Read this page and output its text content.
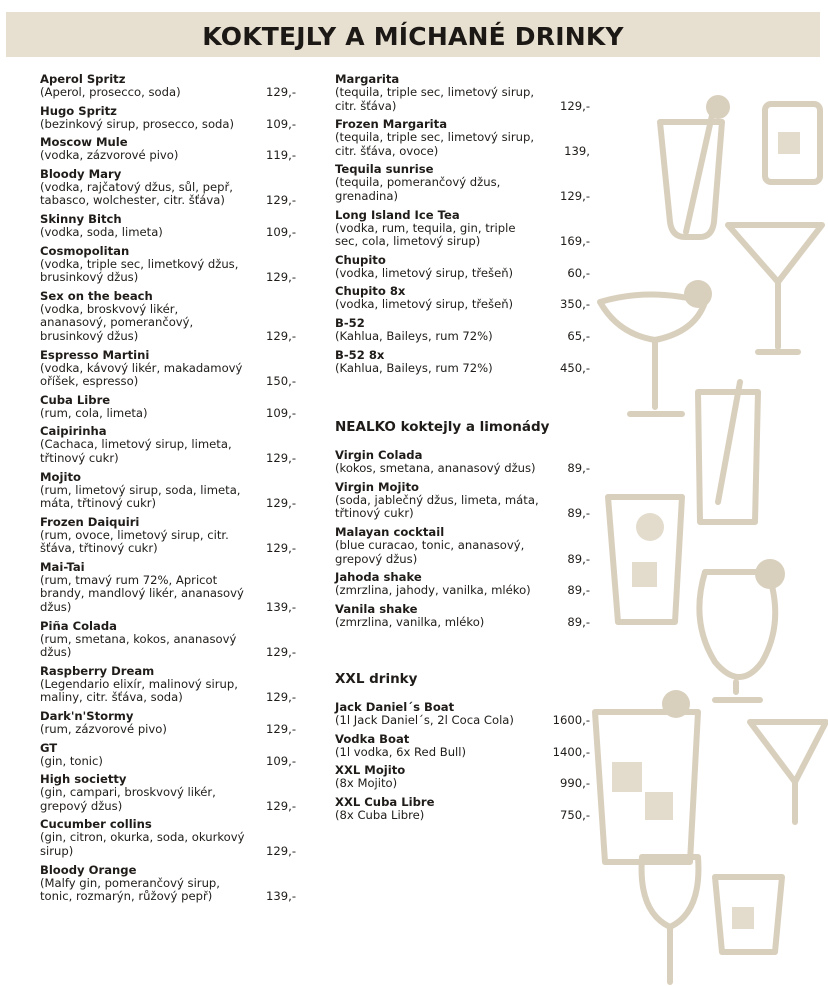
KOKTEJLY A MÍCHANÉ DRINKY
Aperol Spritz
(Aperol, prosecco, soda)	129,-
Hugo Spritz
(bezinkový sirup, prosecco, soda)	109,-
Moscow Mule
(vodka, zázvorové pivo)	119,-
Bloody Mary
(vodka, rajčatový džus, sůl, pepř, tabasco, wolchester, citr. šťáva)	129,-
Skinny Bitch
(vodka, soda, limeta)	109,-
Cosmopolitan
(vodka, triple sec, limetkový džus, brusinkový džus)	129,-
Sex on the beach
(vodka, broskvový likér, ananasový, pomerančový, brusinkový džus)	129,-
Espresso Martini
(vodka, kávový likér, makadamový oříšek, espresso)	150,-
Cuba Libre
(rum, cola, limeta)	109,-
Caipirinha
(Cachaca, limetový sirup, limeta, třtinový cukr)	129,-
Mojito
(rum, limetový sirup, soda, limeta, máta, třtinový cukr)	129,-
Frozen Daiquiri
(rum, ovoce, limetový sirup, citr. šťáva, třtinový cukr)	129,-
Mai-Tai
(rum, tmavý rum 72%, Apricot brandy, mandlový likér, ananasový džus)	139,-
Piña Colada
(rum, smetana, kokos, ananasový džus)	129,-
Raspberry Dream
(Legendario elixír, malinový sirup, maliny, citr. šťáva, soda)	129,-
Dark'n'Stormy
(rum, zázvorové pivo)	129,-
GT
(gin, tonic)	109,-
High societty
(gin, campari, broskvový likér, grepový džus)	129,-
Cucumber collins
(gin, citron, okurka, soda, okurkový sirup)	129,-
Bloody Orange
(Malfy gin, pomerančový sirup, tonic, rozmarýn, růžový pepř)	139,-
Margarita
(tequila, triple sec, limetový sirup, citr. šťáva)	129,-
Frozen Margarita
(tequila, triple sec, limetový sirup, citr. šťáva, ovoce)	139,
Tequila sunrise
(tequila, pomerančový džus, grenadina)	129,-
Long Island Ice Tea
(vodka, rum, tequila, gin, triple sec, cola, limetový sirup)	169,-
Chupito
(vodka, limetový sirup, třešeň)	60,-
Chupito 8x
(vodka, limetový sirup, třešeň)	350,-
B-52
(Kahlua, Baileys, rum 72%)	65,-
B-52 8x
(Kahlua, Baileys, rum 72%)	450,-
NEALKO koktejly a limonády
Virgin Colada
(kokos, smetana, ananasový džus)	89,-
Virgin Mojito
(soda, jablečný džus, limeta, máta, třtinový cukr)	89,-
Malayan cocktail
(blue curacao, tonic, ananasový, grepový džus)	89,-
Jahoda shake
(zmrzlina, jahody, vanilka, mléko)	89,-
Vanila shake
(zmrzlina, vanilka, mléko)	89,-
XXL drinky
Jack Daniel´s Boat
(1l Jack Daniel´s, 2l Coca Cola)	1600,-
Vodka Boat
(1l vodka, 6x Red Bull)	1400,-
XXL Mojito
(8x Mojito)	990,-
XXL Cuba Libre
(8x Cuba Libre)	750,-
